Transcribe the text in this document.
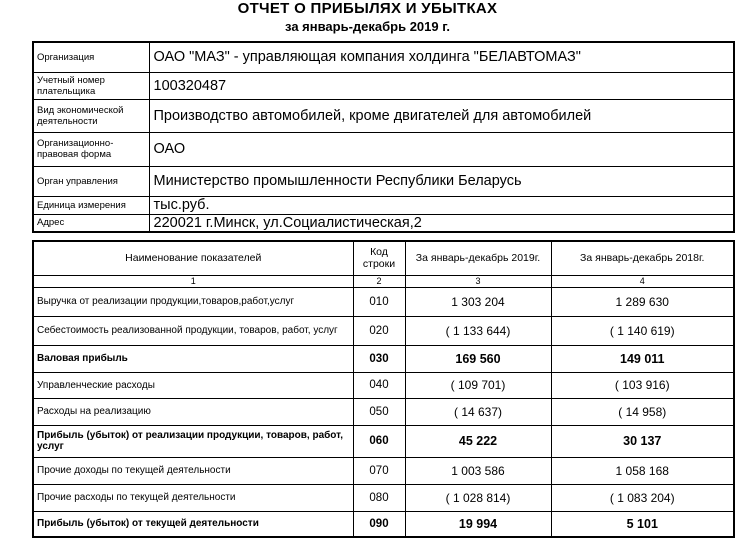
ОТЧЕТ О ПРИБЫЛЯХ И УБЫТКАХ
за январь-декабрь 2019 г.
Организация	ОАО "МАЗ" - управляющая компания холдинга "БЕЛАВТОМАЗ"
Учетный номер плательщика	100320487
Вид экономической деятельности	Производство автомобилей, кроме двигателей для автомобилей
Организационно-правовая форма	ОАО
Орган управления	Министерство промышленности Республики Беларусь
Единица измерения	тыс.руб.
Адрес	220021 г.Минск, ул.Социалистическая,2
Наименование показателей	Код строки	За январь-декабрь 2019г.	За январь-декабрь 2018г.
1	2	3	4
Выручка от реализации продукции,товаров,работ,услуг	010	1 303 204	1 289 630
Себестоимость реализованной продукции, товаров, работ, услуг	020	( 1 133 644)	( 1 140 619)
Валовая прибыль	030	169 560	149 011
Управленческие расходы	040	( 109 701)	( 103 916)
Расходы на реализацию	050	( 14 637)	( 14 958)
Прибыль (убыток) от реализации продукции, товаров, работ, услуг	060	45 222	30 137
Прочие доходы по текущей деятельности	070	1 003 586	1 058 168
Прочие расходы по текущей деятельности	080	( 1 028 814)	( 1 083 204)
Прибыль (убыток) от текущей деятельности	090	19 994	5 101
